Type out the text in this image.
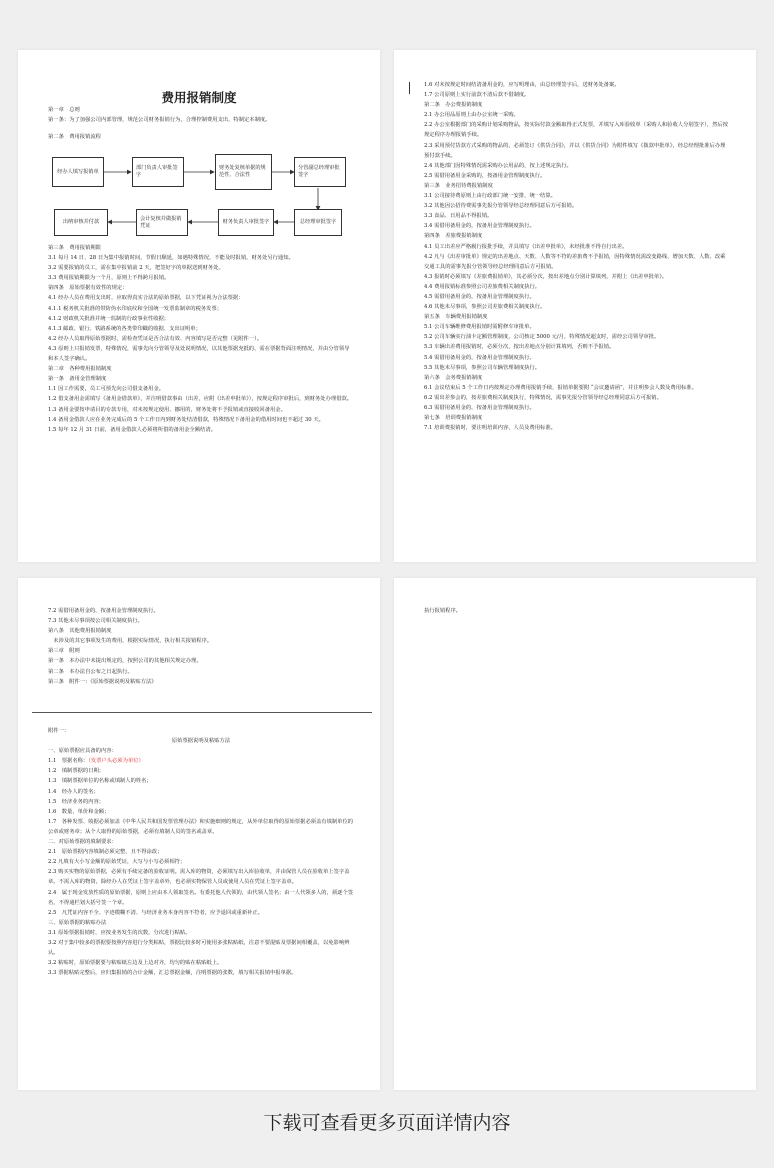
费用报销制度
第一章　总则
第一条：为了加强公司内部管理，规范公司财务报销行为，合理控制费用支出，特制定本制度。
第二条　费用报销流程
经办人填写报销单
部门负责人审批签字
财务处复核单据的规范性、合法性
分管副总经理审批签字
总经理审批签字
财务负责人审批签字
会计复核并做报销凭证
出纳审核并付款
第三条　费用报销期限
3.1 每月 14 日、28 日为集中报销时间，节假日顺延，如遇特殊情况，不能及时报销，财务处另行通知。
3.2 需要报销的员工，需在集中报销前 2 天，把签好字的单据送到财务处。
3.3 费用报销期限为一个月，原则上不得跨月报销。
第四条　原始票据有效性的规定：
4.1 经办人员在费用支出时，应取得真实合法的原始票据，以下凭证视为合法票据：
4.1.1 税务机关批准的带防伪水印底纹和全国统一发票监制章的税务发票；
4.1.2 财政机关批准并统一监制的行政事业性收据；
4.1.3 邮政、银行、铁路系统的各类带印戳的收据、支出证明单；
4.2 经办人员取得原始票据时，需检查凭证是否合法有效、内容填写是否完整（见附件一）。
4.3 原则上只报销发票，特殊情况，需事先向分管领导及处说明情况，以其他票据充抵的，需在票据背面注明情况，并由分管领导和本人签字确认。
第二章　各种费用报销制度
第一条　备用金管理制度
1.1 因工作需要，员工可预先向公司借支备用金。
1.2 借支备用金需填写《备用金借款单》，并注明借款事由（出差，应附《出差申批单》），按规定程序审批后，到财务处办理借款。
1.3 备用金要按申请目的专款专用，对未按规定使用、挪用的，财务处将不予报销或直接收回备用金。
1.4 备用金借款人应在业务完成后的 5 个工作日内到财务处结清借款，特殊情况下备用金的借用时间也不超过 30 天。
1.5 每年 12 月 31 日前，备用金借款人必须将所借的备用金全额结清。
1.6 对未按规定时间结清备用金的，应写明理由，由总经理签字后，送财务处备案。
1.7 公司原则上实行前款不清后款不借制度。
第二条　办公费报销制度
2.1 办公用品原则上由办公室统一采购。
2.2 办公室根据部门的采购计划采购物品，按实际付款金额取得正式发票，并填写入库验收单（采购人和验收人分别签字），然后按规定程序办理报销手续。
2.3 采用预付货款方式采购的物品的，必须签订《供货合同》，并以《供货合同》为附件填写《拨款申批单》，经总经理批准后办理预付款手续。
2.4 其他部门因特殊情况需采购办公用品的，按上述规定执行。
2.5 需借用备用金采购的，按备用金管理制度执行。
第三条　业务招待费报销制度
3.1 公司接待费原则上由行政部门统一安排，统一结算。
3.2 其他因公招待费需事先报分管领导经总经理同意后方可报销。
3.3 食品、日用品不得报销。
3.4 需借用备用金的，按备用金管理制度执行。
第四条　差旅费报销制度
4.1 员工出差应严格履行报批手续，并具填写《出差申批单》，未经批准不得自行出差。
4.2 凡与《出差审批单》规定的出差地点、天数、人数等不符的差旅费不予报销，因特殊情况需改变路线、增加天数、人数、改乘交通工具的需事先报分管领导经总经理同意后方可报销。
4.3 报销时必须填写《差旅费报销单》，其必须分次，按出差地点分别计算填列，并附上《出差申批单》。
4.4 费用报销标准参照公司差旅费相关制度执行。
4.5 需借用备用金的，按备用金管理制度执行。
4.6 其他未尽事项，参照公司差旅费相关制度执行。
第五条　车辆费用报销制度
5.1 公司车辆维修费用报销时需附修车审批单。
5.2 公司车辆实行油卡定额管理制度，公司核定 5000 元/月，特殊情况超支时，需经公司领导审批。
5.3 车辆出差费用报销时，必须分次，按出差地点分别计算填列，否则不予报销。
5.4 需借用备用金的，按备用金管理制度执行。
5.5 其他未尽事项，参照公司车辆管理制度执行。
第六条　会务费报销制度
6.1 会议结束后 5 个工作日内按规定办理费用报销手续，报销单据要附 “会议邀请函”，并注明参会人数及费用标准。
6.2 需出差参会的，按差旅费相关制度执行，特殊情况，需事先报分管领导经总经理同意后方可报销。
6.3 需借用备用金的，按备用金管理制度执行。
第七条　培训费报销制度
7.1 培训费报销时，要注明培训内容、人员及费用标准。
7.2 需借用备用金的，按备用金管理制度执行。
7.3 其他未尽事项按公司相关制度执行。
第八条　其他费用报销制度
　未涉及的其它事项发生的费用，根据实际情况，执行相关报销程序。
第三章　附则
第一条　本办法中未提出规定的，按照公司的其他相关规定办理。
第二条　本办法自公布之日起执行。
第三条　附件一：《原始票据说明及粘贴方法》
附件一：
原始票据说明及粘贴方法
一、原始票据应具备的内容：
1.1　票据名称：（发票户头必须为单位）
1.2　填制票据的日期；
1.3　填制票据单位的名称或填制人的姓名；
1.4　经办人的签名；
1.5　经济业务的内容；
1.6　数量、单价和金额；
1.7　各种发票、收据必须加盖《中华人民共和国发票管理办法》和实施细则的规定，从外单位取得的原始票据必须盖有填制单位的公章或财务章；从个人取得的原始票据，必须有填制人员的签名或盖章。
二、对原始票据的填制要求：
2.1　原始票据内容填制必须完整，且不得涂改；
2.2 凡填有大小写金额的原始凭证，大写与小写必须相符；
2.3 购买实物的原始票据，必须有手续完备的验收证明。需入库的物资，必须填写出入库验收单，并由保管人员在验收单上签字盖章。不需入库的物资，除经办人在凭证上签字盖章外，也必须实物保管人员或使用人员在凭证上签字盖章。
2.4　属于现金发放性质的原始票据，原则上应由本人领取签名。有委托他人代领的，由代领人签名；由一人代领多人的，须逐个签名，不得通栏划大括号签一个章。
2.5　凡凭证内容不全、字迹模糊不清、与经济业务本身内容不符者，应予退回或重新补正。
三、原始票据的粘贴办法
3.1 原始票据报销时，应按业务发生的次数，分次进行粘贴。
3.2 对于集中较多的票据要按照内容进行分类粘贴，票据比较多时可使用多张粘贴纸，注意不要混贴及票据间相覆盖，以免影响辨认。
3.2 粘贴时，原始票据要与粘贴纸左边及上边对齐，均匀的贴在粘贴纸上。
3.3 票据粘贴完整后，应归集报销的合计金额，汇总票据金额，注明票据的张数，填写相关报销申报单据。
执行报销程序。
下载可查看更多页面详情内容
